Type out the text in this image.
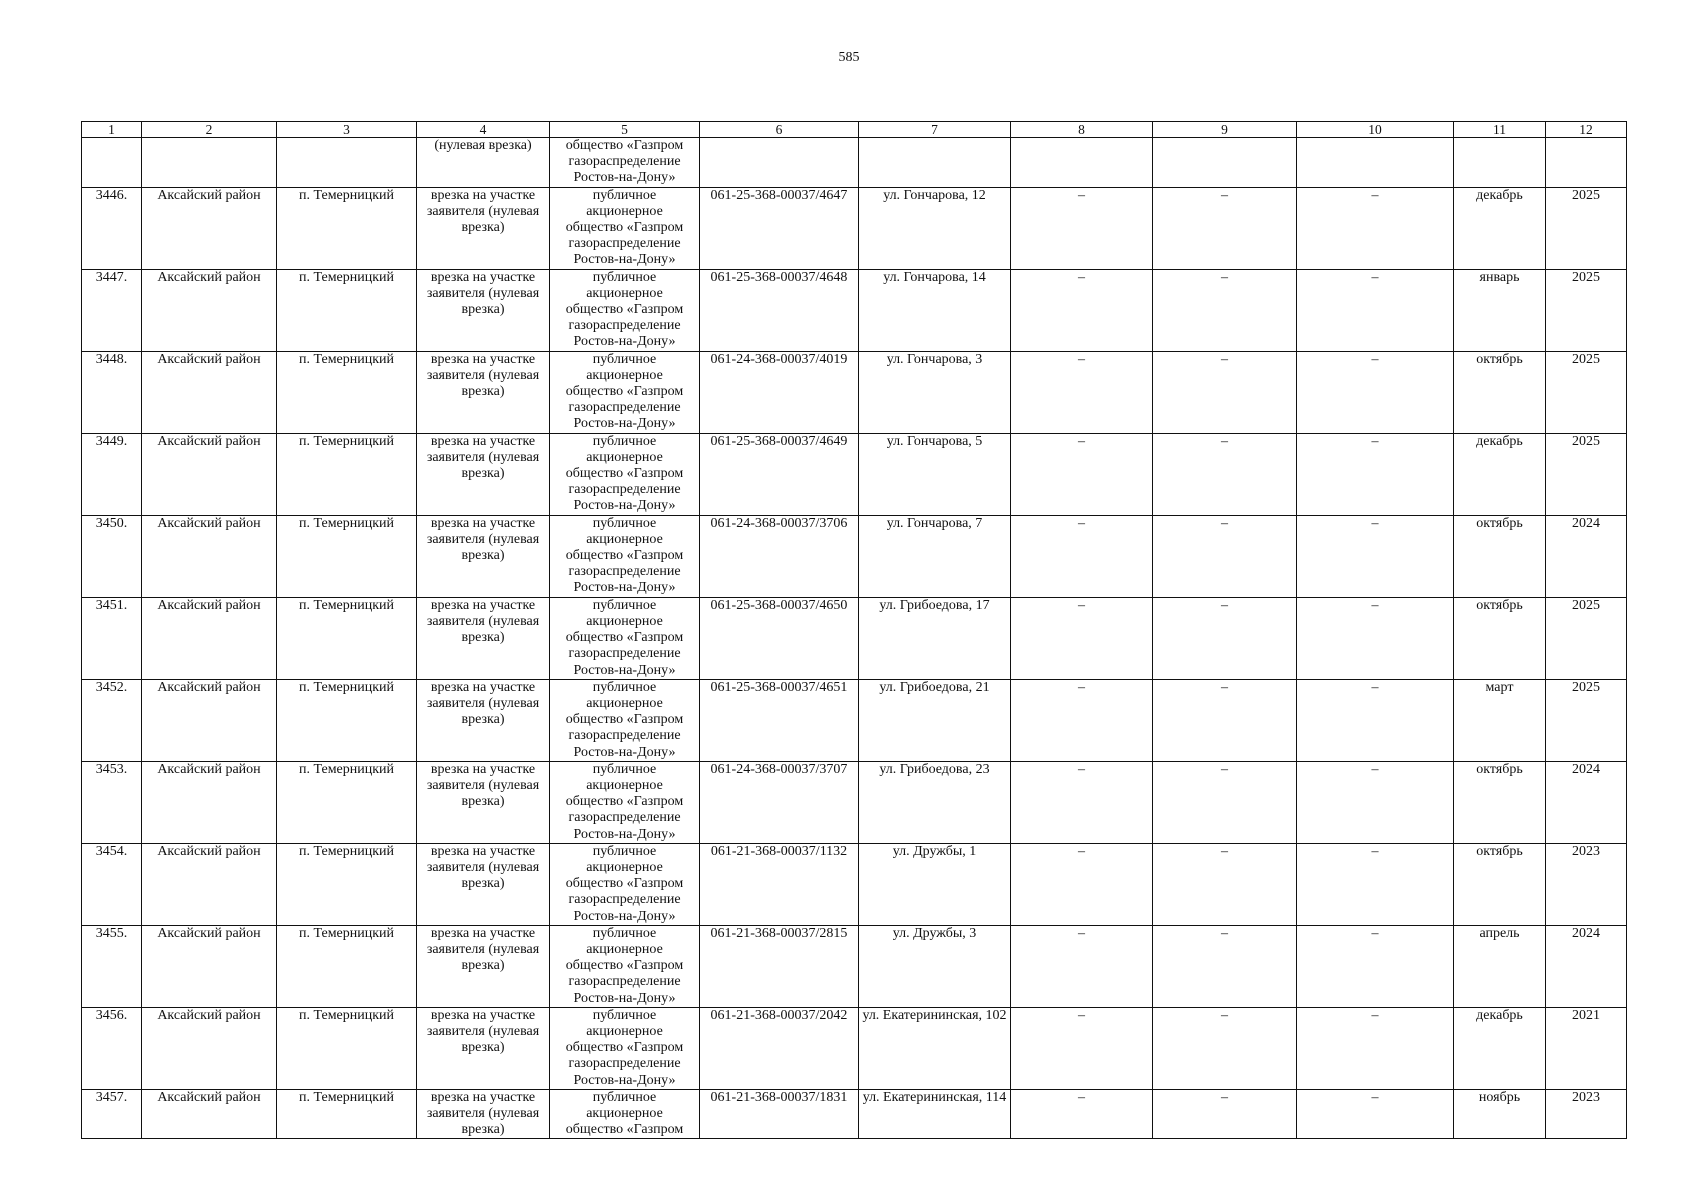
585
1	2	3	4	5	6	7	8	9	10	11	12
			(нулевая врезка)	общество «Газпром
газораспределение
Ростов-на-Дону»							
3446.	Аксайский район	п. Темерницкий	врезка на участке заявителя (нулевая врезка)	публичное
акционерное
общество «Газпром
газораспределение
Ростов-на-Дону»	061-25-368-00037/4647	ул. Гончарова, 12	–	–	–	декабрь	2025
3447.	Аксайский район	п. Темерницкий	врезка на участке заявителя (нулевая врезка)	публичное
акционерное
общество «Газпром
газораспределение
Ростов-на-Дону»	061-25-368-00037/4648	ул. Гончарова, 14	–	–	–	январь	2025
3448.	Аксайский район	п. Темерницкий	врезка на участке заявителя (нулевая врезка)	публичное
акционерное
общество «Газпром
газораспределение
Ростов-на-Дону»	061-24-368-00037/4019	ул. Гончарова, 3	–	–	–	октябрь	2025
3449.	Аксайский район	п. Темерницкий	врезка на участке заявителя (нулевая врезка)	публичное
акционерное
общество «Газпром
газораспределение
Ростов-на-Дону»	061-25-368-00037/4649	ул. Гончарова, 5	–	–	–	декабрь	2025
3450.	Аксайский район	п. Темерницкий	врезка на участке заявителя (нулевая врезка)	публичное
акционерное
общество «Газпром
газораспределение
Ростов-на-Дону»	061-24-368-00037/3706	ул. Гончарова, 7	–	–	–	октябрь	2024
3451.	Аксайский район	п. Темерницкий	врезка на участке заявителя (нулевая врезка)	публичное
акционерное
общество «Газпром
газораспределение
Ростов-на-Дону»	061-25-368-00037/4650	ул. Грибоедова, 17	–	–	–	октябрь	2025
3452.	Аксайский район	п. Темерницкий	врезка на участке заявителя (нулевая врезка)	публичное
акционерное
общество «Газпром
газораспределение
Ростов-на-Дону»	061-25-368-00037/4651	ул. Грибоедова, 21	–	–	–	март	2025
3453.	Аксайский район	п. Темерницкий	врезка на участке заявителя (нулевая врезка)	публичное
акционерное
общество «Газпром
газораспределение
Ростов-на-Дону»	061-24-368-00037/3707	ул. Грибоедова, 23	–	–	–	октябрь	2024
3454.	Аксайский район	п. Темерницкий	врезка на участке заявителя (нулевая врезка)	публичное
акционерное
общество «Газпром
газораспределение
Ростов-на-Дону»	061-21-368-00037/1132	ул. Дружбы, 1	–	–	–	октябрь	2023
3455.	Аксайский район	п. Темерницкий	врезка на участке заявителя (нулевая врезка)	публичное
акционерное
общество «Газпром
газораспределение
Ростов-на-Дону»	061-21-368-00037/2815	ул. Дружбы, 3	–	–	–	апрель	2024
3456.	Аксайский район	п. Темерницкий	врезка на участке заявителя (нулевая врезка)	публичное
акционерное
общество «Газпром
газораспределение
Ростов-на-Дону»	061-21-368-00037/2042	ул. Екатерининская, 102	–	–	–	декабрь	2021
3457.	Аксайский район	п. Темерницкий	врезка на участке заявителя (нулевая врезка)	публичное
акционерное
общество «Газпром	061-21-368-00037/1831	ул. Екатерининская, 114	–	–	–	ноябрь	2023
